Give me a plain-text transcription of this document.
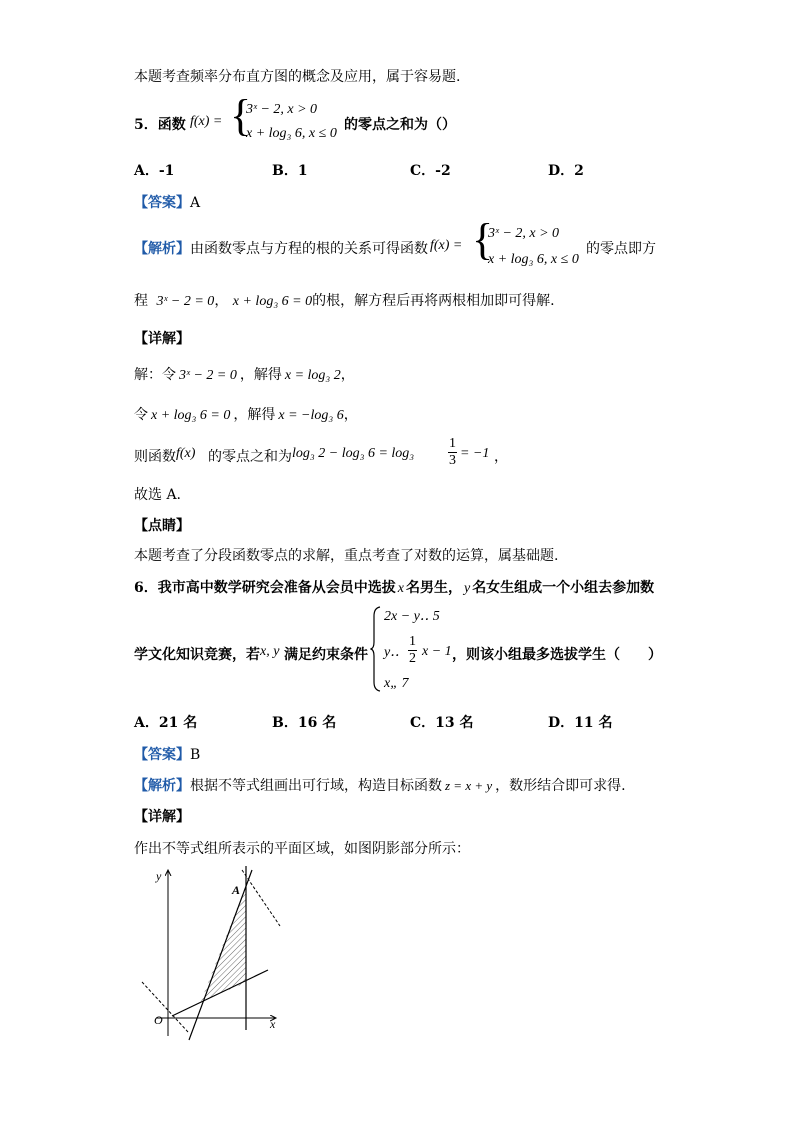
本题考查频率分布直方图的概念及应用，属于容易题.
5．函数 f(x) = {
3ˣ − 2, x > 0
x + log₃ 6, x ≤ 0
的零点之和为（）
A．-1	B．1	C．-2	D．2
【答案】A
【解析】 由函数零点与方程的根的关系可得函数 f(x) = {
3ˣ − 2, x > 0
x + log₃ 6, x ≤ 0
的零点即方
程 3ˣ − 2 = 0， x + log₃ 6 = 0的根，解方程后再将两根相加即可得解.
【详解】
解：令 3ˣ − 2 = 0 ，解得 x = log₃ 2，
令 x + log₃ 6 = 0 ，解得 x = −log₃ 6，
则函数 f(x) 的零点之和为 log₃ 2 − log₃ $6 = \log_3 \frac{1}{3} = -1$ ，
故选 A.
【点睛】
本题考查了分段函数零点的求解，重点考查了对数的运算，属基础题.
6．我市高中数学研究会准备从会员中选拔 x 名男生， y 名女生组成一个小组去参加数
学文化知识竞赛，若 x, y 满足约束条件
2x − y‥ 5
y‥ $\frac{1}{2}$ x − 1
x„ 7
，则该小组最多选拔学生（　　）
A．21 名	B．16 名	C．13 名	D．11 名
【答案】B
【解析】根据不等式组画出可行域，构造目标函数 z = x + y ，数形结合即可求得.
【详解】
作出不等式组所表示的平面区域，如图阴影部分所示：
y
x
O
A
